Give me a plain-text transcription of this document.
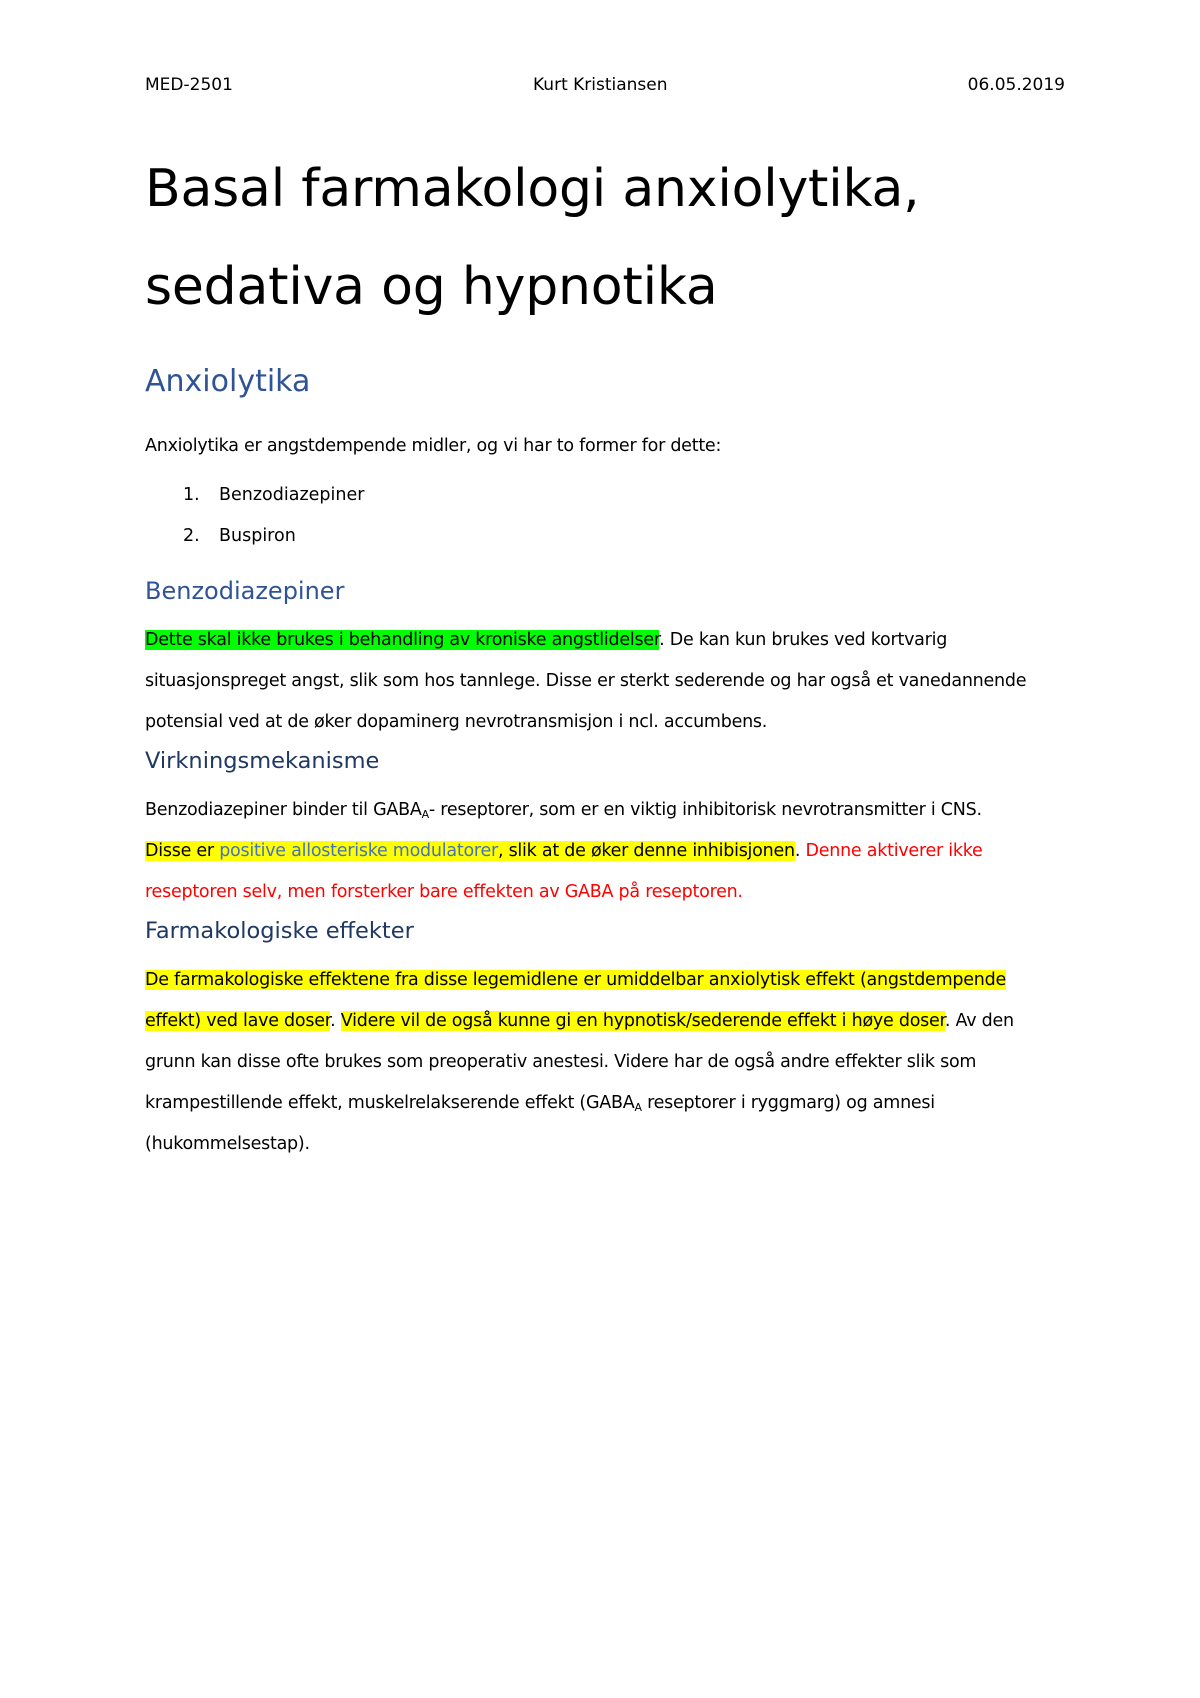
MED-2501	Kurt Kristiansen	06.05.2019
Basal farmakologi anxiolytika,
sedativa og hypnotika
Anxiolytika

Anxiolytika er angstdempende midler, og vi har to former for dette:

1. Benzodiazepiner
2. Buspiron
Benzodiazepiner
Dette skal ikke brukes i behandling av kroniske angstlidelser. De kan kun brukes ved kortvarig
situasjonspreget angst, slik som hos tannlege. Disse er sterkt sederende og har også et vanedannende
potensial ved at de øker dopaminerg nevrotransmisjon i ncl. accumbens.
Virkningsmekanisme
Benzodiazepiner binder til $GABA_A-$ reseptorer, som er en viktig inhibitorisk nevrotransmitter i CNS.
Disse er positive allosteriske modulatorer, slik at de øker denne inhibisjonen. Denne aktiverer ikke
reseptoren selv, men forsterker bare effekten av GABA på reseptoren.
Farmakologiske effekter
De farmakologiske effektene fra disse legemidlene er umiddelbar anxiolytisk effekt (angstdempende
effekt) ved lave doser. Videre vil de også kunne gi en hypnotisk/sederende effekt i høye doser. Av den
grunn kan disse ofte brukes som preoperativ anestesi. Videre har de også andre effekter slik som
krampestillende effekt, muskelrelakserende effekt ($GABA_A$ reseptorer i ryggmarg) og amnesi
(hukommelsestap).
